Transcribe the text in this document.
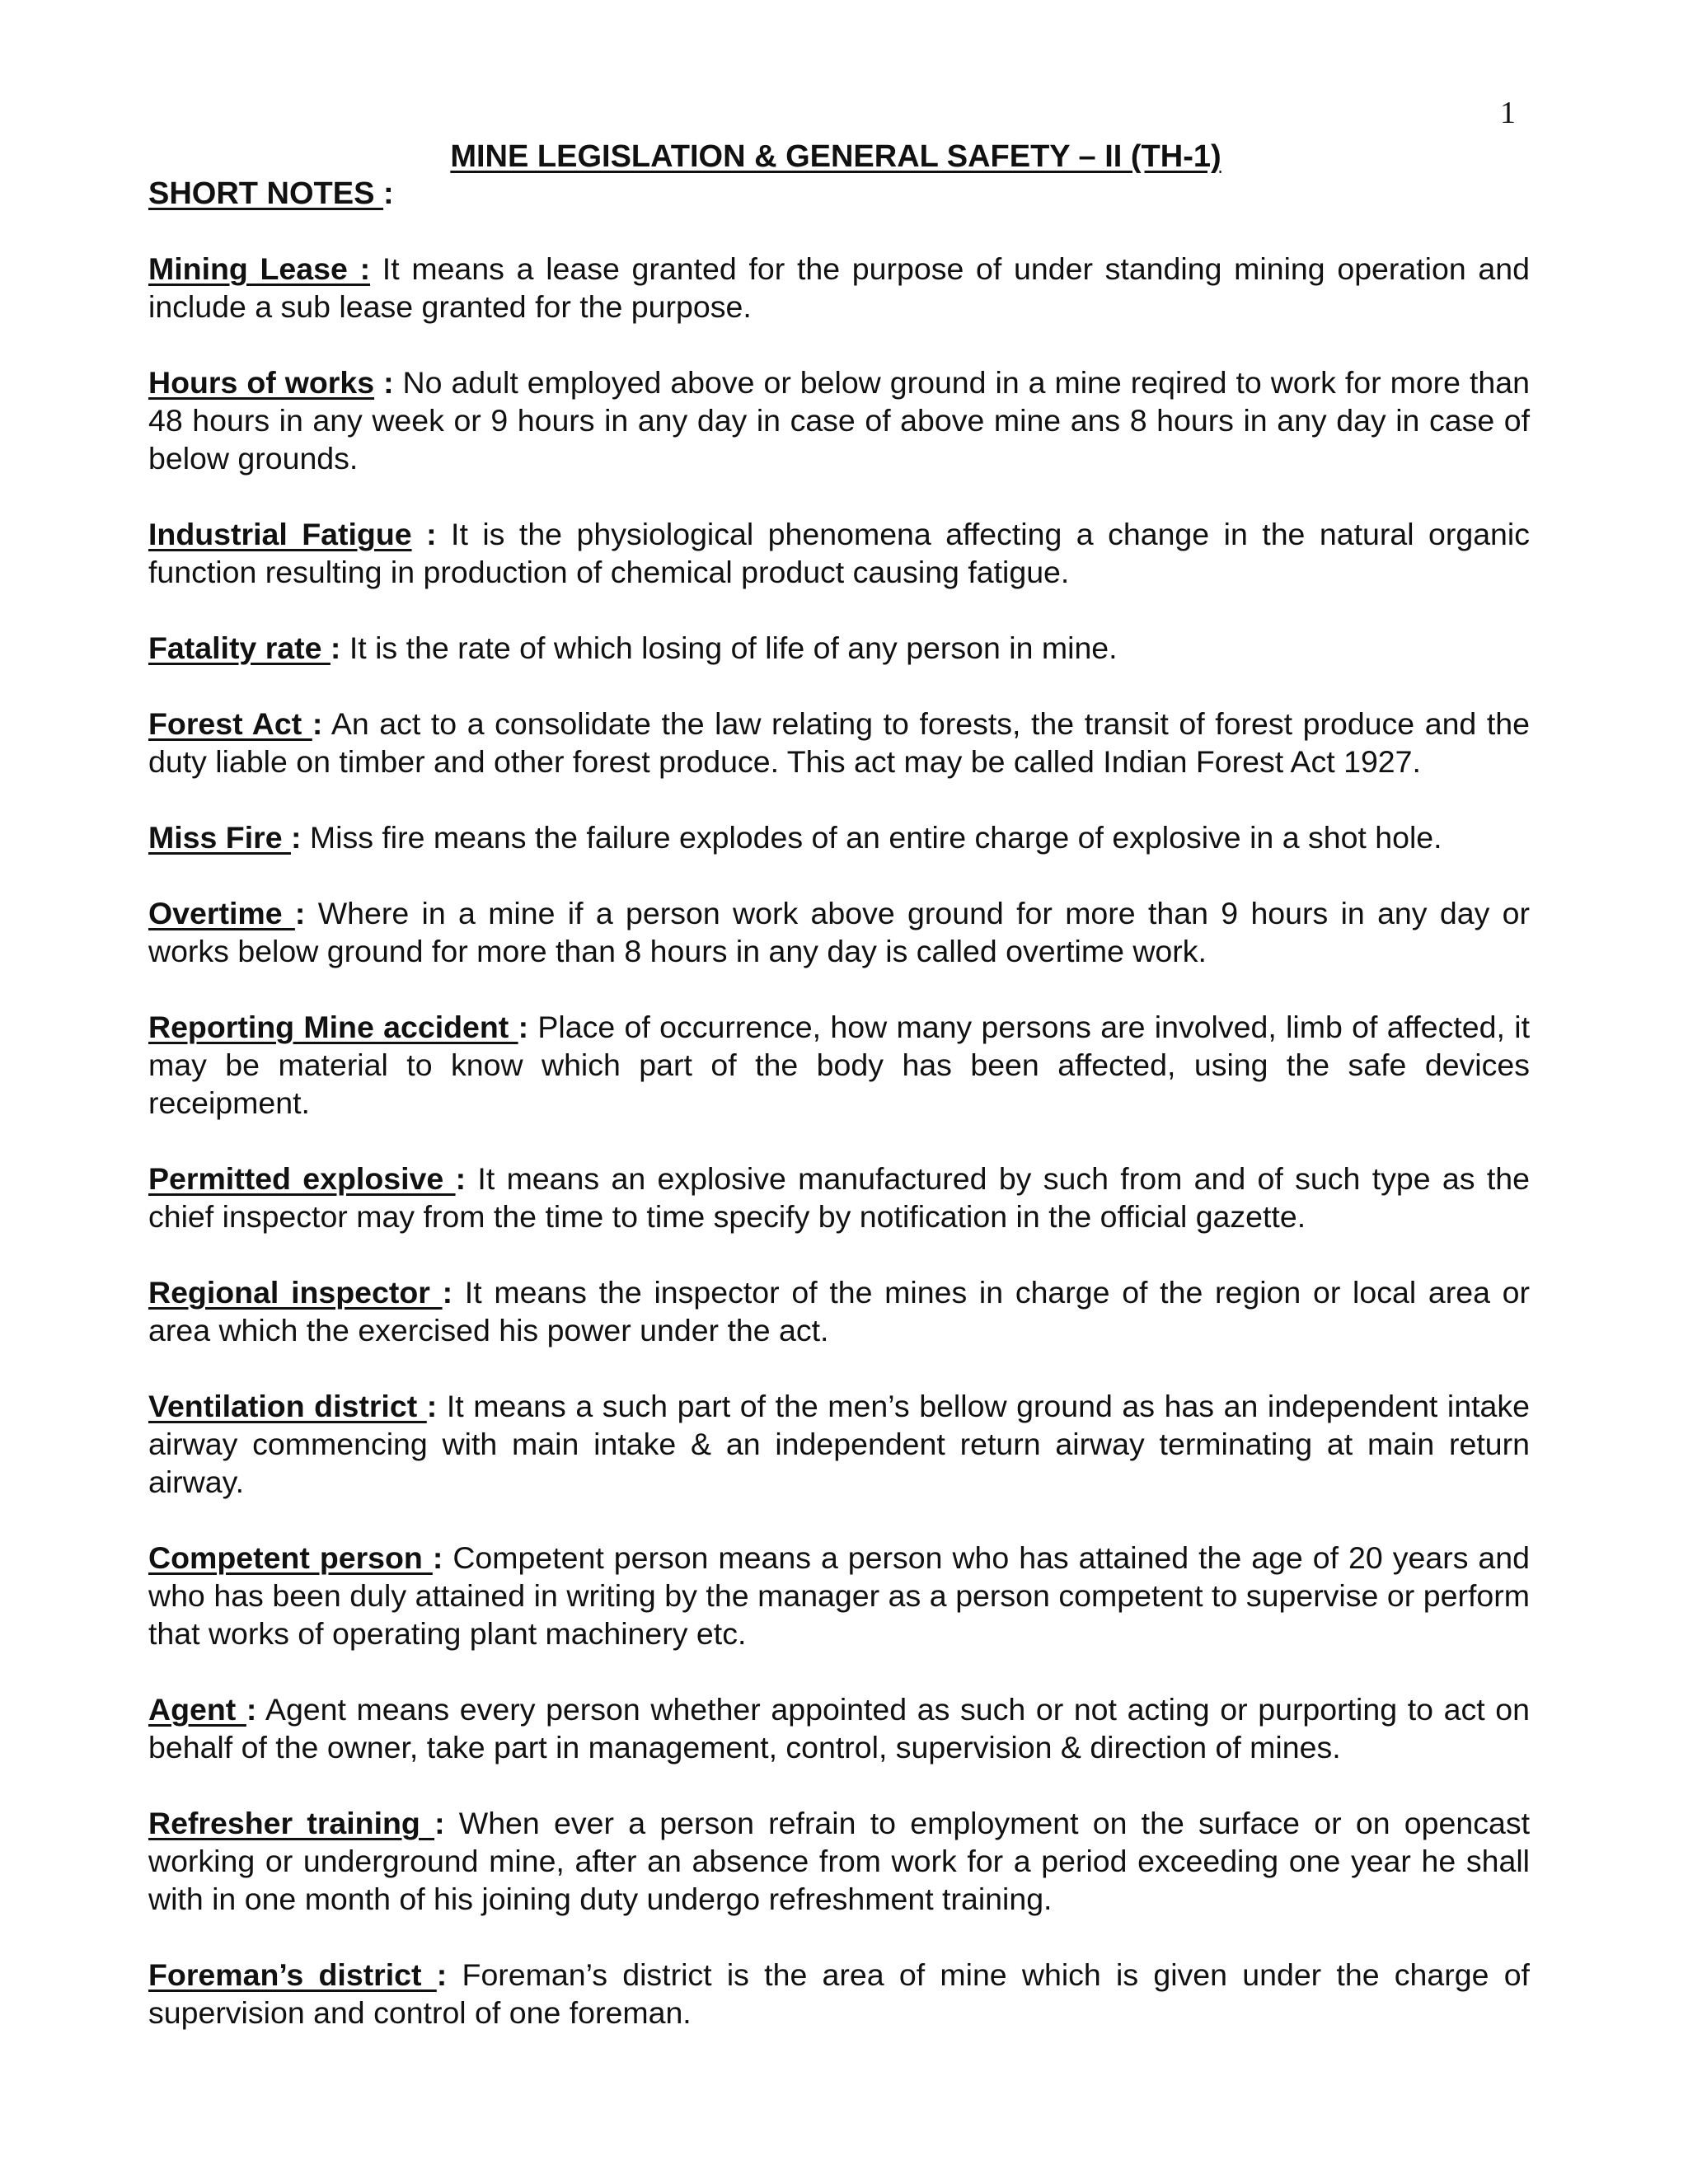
1
MINE LEGISLATION & GENERAL SAFETY – II (TH-1)
SHORT NOTES :

Mining Lease : It means a lease granted for the purpose of under standing mining operation and include a sub lease granted for the purpose.

Hours of works : No adult employed above or below ground in a mine reqired to work for more than 48 hours in any week or 9 hours in any day in case of above mine ans 8 hours in any day in case of below grounds.

Industrial Fatigue : It is the physiological phenomena affecting a change in the natural organic function resulting in production of chemical product causing fatigue.

Fatality rate : It is the rate of which losing of life of any person in mine.

Forest Act : An act to a consolidate the law relating to forests, the transit of forest produce and the duty liable on timber and other forest produce. This act may be called Indian Forest Act 1927.

Miss Fire : Miss fire means the failure explodes of an entire charge of explosive in a shot hole.

Overtime : Where in a mine if a person work above ground for more than 9 hours in any day or works below ground for more than 8 hours in any day is called overtime work.

Reporting Mine accident : Place of occurrence, how many persons are involved, limb of affected, it may be material to know which part of the body has been affected, using the safe devices receipment.

Permitted explosive : It means an explosive manufactured by such from and of such type as the chief inspector may from the time to time specify by notification in the official gazette.

Regional inspector : It means the inspector of the mines in charge of the region or local area or area which the exercised his power under the act.

Ventilation district : It means a such part of the men’s bellow ground as has an independent intake airway commencing with main intake & an independent return airway terminating at main return airway.

Competent person : Competent person means a person who has attained the age of 20 years and who has been duly attained in writing by the manager as a person competent to supervise or perform that works of operating plant machinery etc.

Agent : Agent means every person whether appointed as such or not acting or purporting to act on behalf of the owner, take part in management, control, supervision & direction of mines.

Refresher training : When ever a person refrain to employment on the surface or on opencast working or underground mine, after an absence from work for a period exceeding one year he shall with in one month of his joining duty undergo refreshment training.

Foreman’s district : Foreman’s district is the area of mine which is given under the charge of supervision and control of one foreman.
